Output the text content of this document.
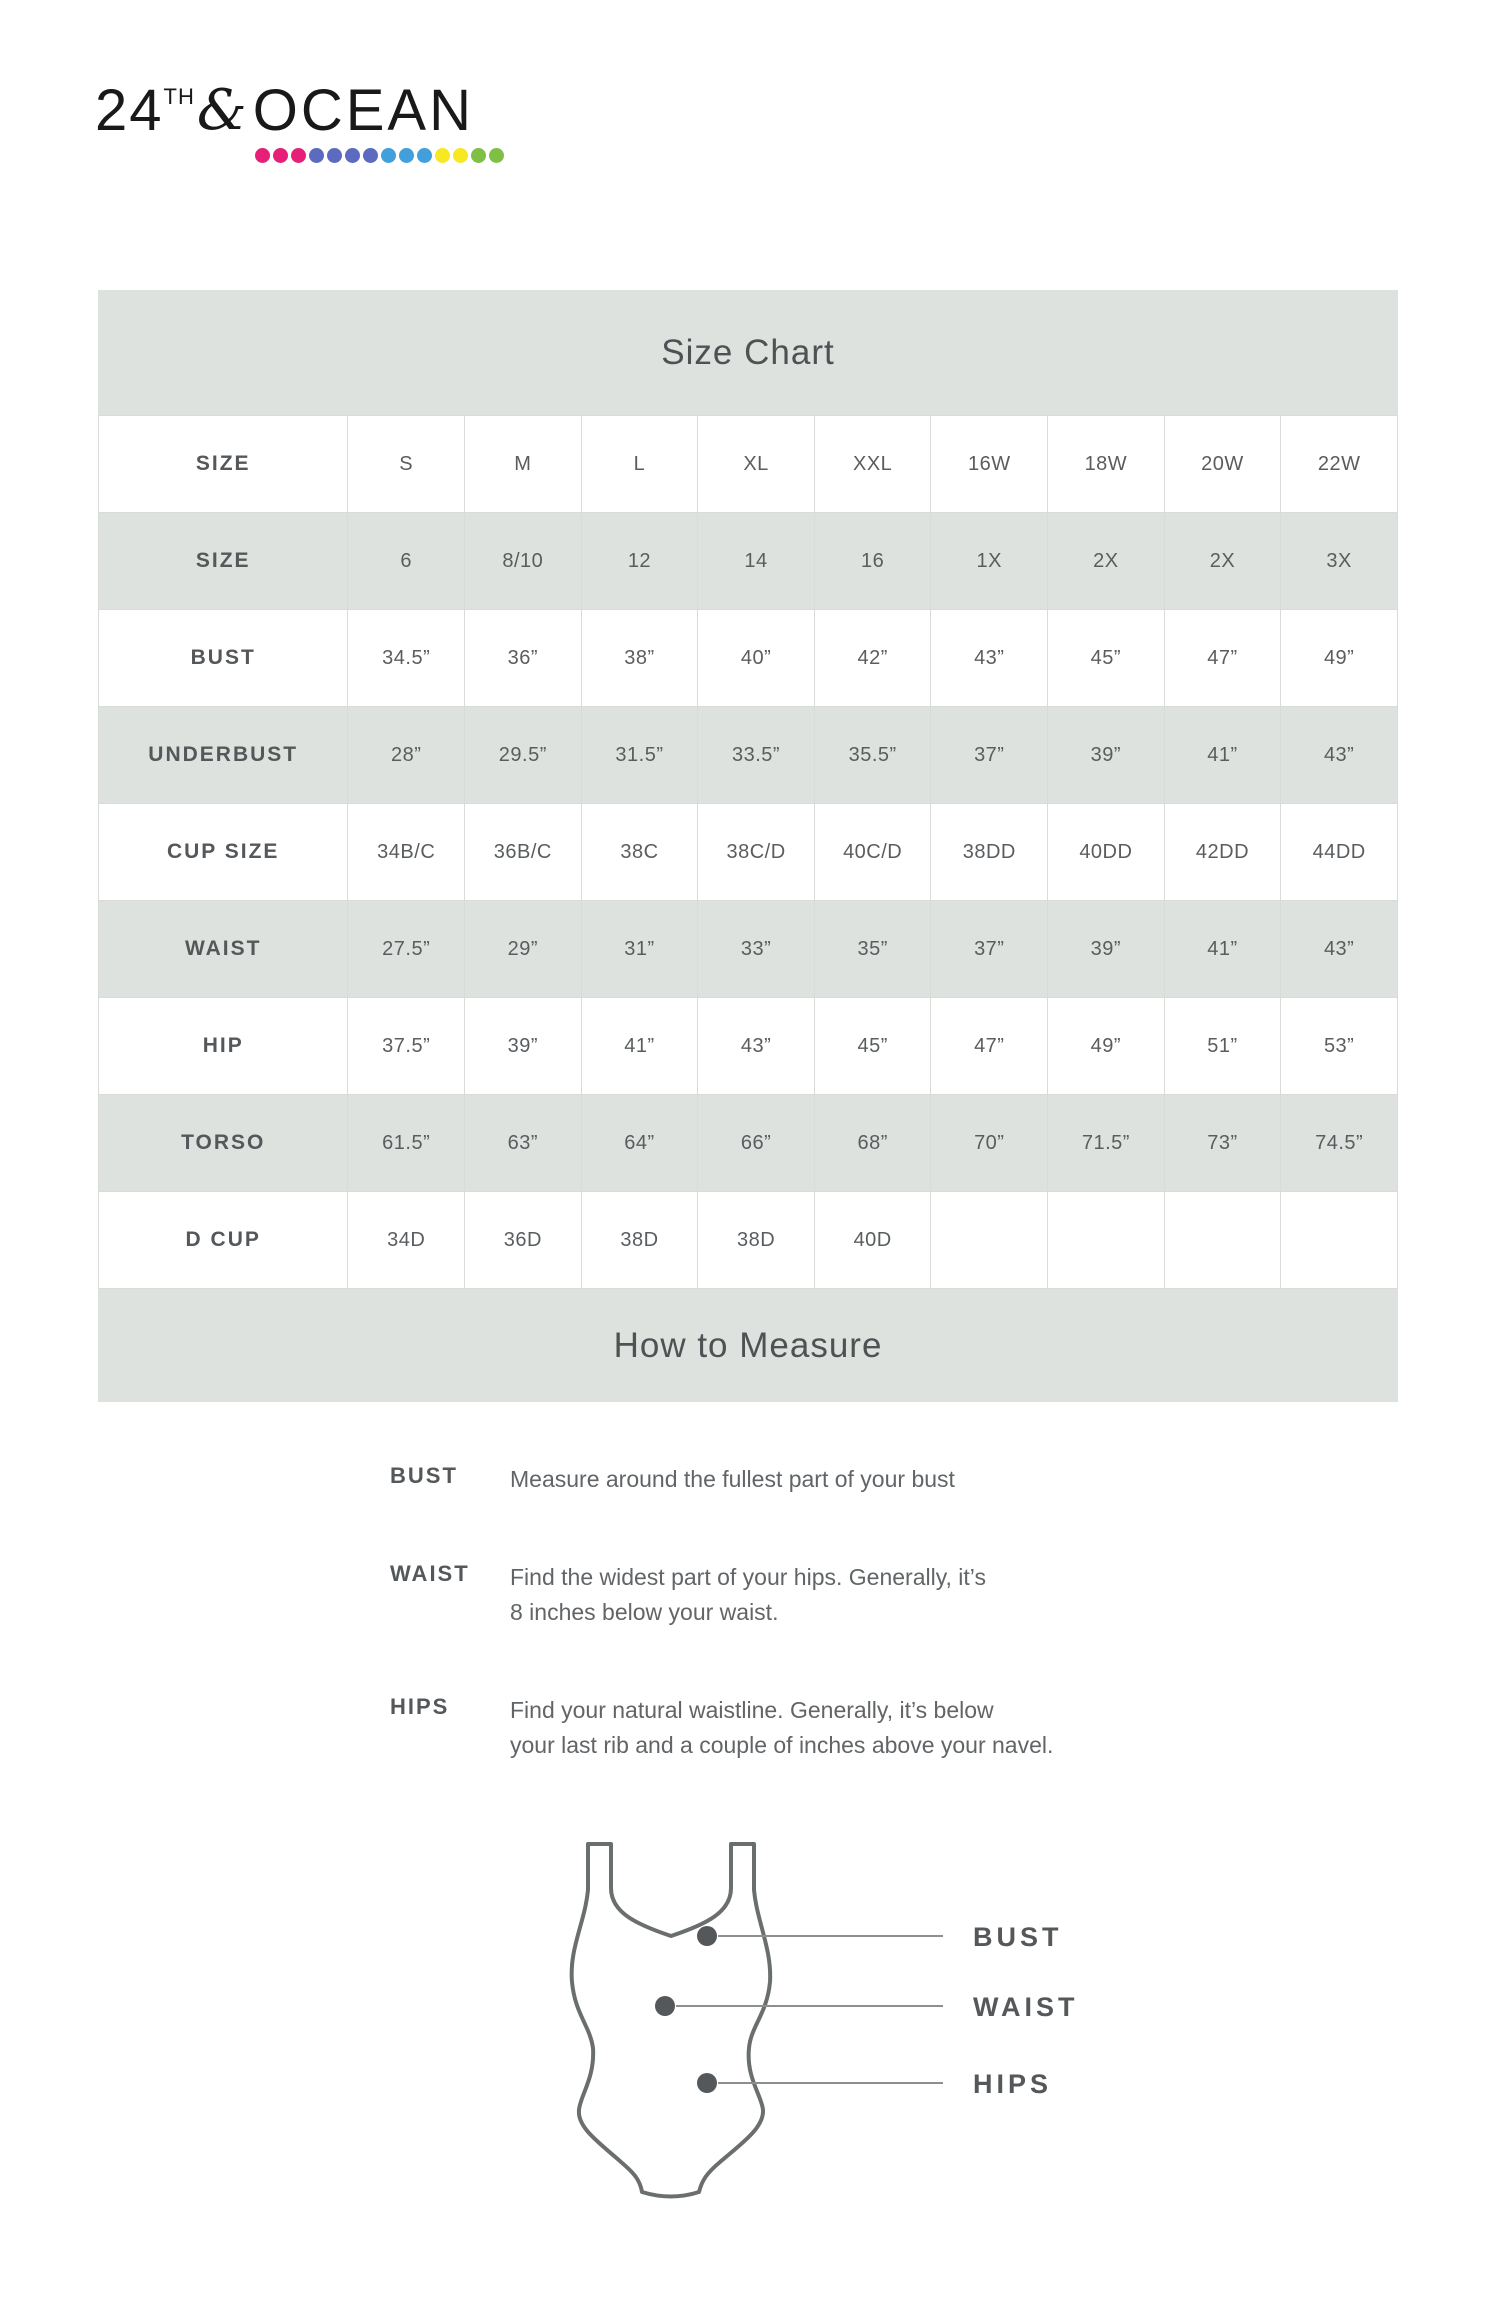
24 TH & OCEAN
Size Chart
SIZE	S	M	L	XL	XXL	16W	18W	20W	22W
SIZE	6	8/10	12	14	16	1X	2X	2X	3X
BUST	34.5”	36”	38”	40”	42”	43”	45”	47”	49”
UNDERBUST	28”	29.5”	31.5”	33.5”	35.5”	37”	39”	41”	43”
CUP SIZE	34B/C	36B/C	38C	38C/D	40C/D	38DD	40DD	42DD	44DD
WAIST	27.5”	29”	31”	33”	35”	37”	39”	41”	43”
HIP	37.5”	39”	41”	43”	45”	47”	49”	51”	53”
TORSO	61.5”	63”	64”	66”	68”	70”	71.5”	73”	74.5”
D CUP	34D	36D	38D	38D	40D				
How to Measure
BUST	Measure around the fullest part of your bust
WAIST	Find the widest part of your hips. Generally, it’s
8 inches below your waist.
HIPS	Find your natural waistline. Generally, it’s below
your last rib and a couple of inches above your navel.
BUST
WAIST
HIPS
